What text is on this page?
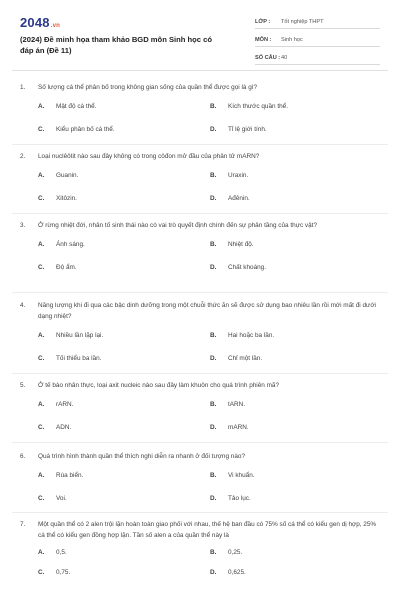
2048.vn
(2024) Đề minh họa tham khảo BGD môn Sinh học có đáp án (Đề 11)
LỚP :	Tốt nghiệp THPT
MÔN :	Sinh học
SỐ CÂU : 40
1.	Số lượng cá thể phân bố trong không gian sống của quần thể được gọi là gì?
A.	Mật độ cá thể.	B.	Kích thước quần thể.
C.	Kiểu phân bố cá thể.	D.	Tỉ lệ giới tính.
2.	Loại nuclêôtit nào sau đây không có trong côđon mở đầu của phân tử mARN?
A.	Guanin.	B.	Uraxin.
C.	Xitôzin.	D.	Ađênin.
3.	Ở rừng nhiệt đới, nhân tố sinh thái nào có vai trò quyết định chính đến sự phân tầng của thực vật?
A.	Ánh sáng.	B.	Nhiệt độ.
C.	Độ ẩm.	D.	Chất khoáng.
4.	Năng lượng khi đi qua các bậc dinh dưỡng trong một chuỗi thức ăn sẽ được sử dụng bao nhiêu lần rồi mới mất đi dưới dạng nhiệt?
A.	Nhiều lần lặp lại.	B.	Hai hoặc ba lần.
C.	Tối thiểu ba lần.	D.	Chỉ một lần.
5.	Ở tế bào nhân thực, loại axit nucleic nào sau đây làm khuôn cho quá trình phiên mã?
A.	rARN.	B.	tARN.
C.	ADN.	D.	mARN.
6.	Quá trình hình thành quần thể thích nghi diễn ra nhanh ở đối tượng nào?
A.	Rùa biển.	B.	Vi khuẩn.
C.	Voi.	D.	Tảo lục.
7.	Một quần thể có 2 alen trội lặn hoàn toàn giao phối với nhau, thế hệ ban đầu có 75% số cá thể có kiểu gen dị hợp, 25% cá thể có kiểu gen đồng hợp lặn. Tần số alen a của quần thể này là
A.	0,5.	B.	0,25.
C.	0,75.	D.	0,625.
